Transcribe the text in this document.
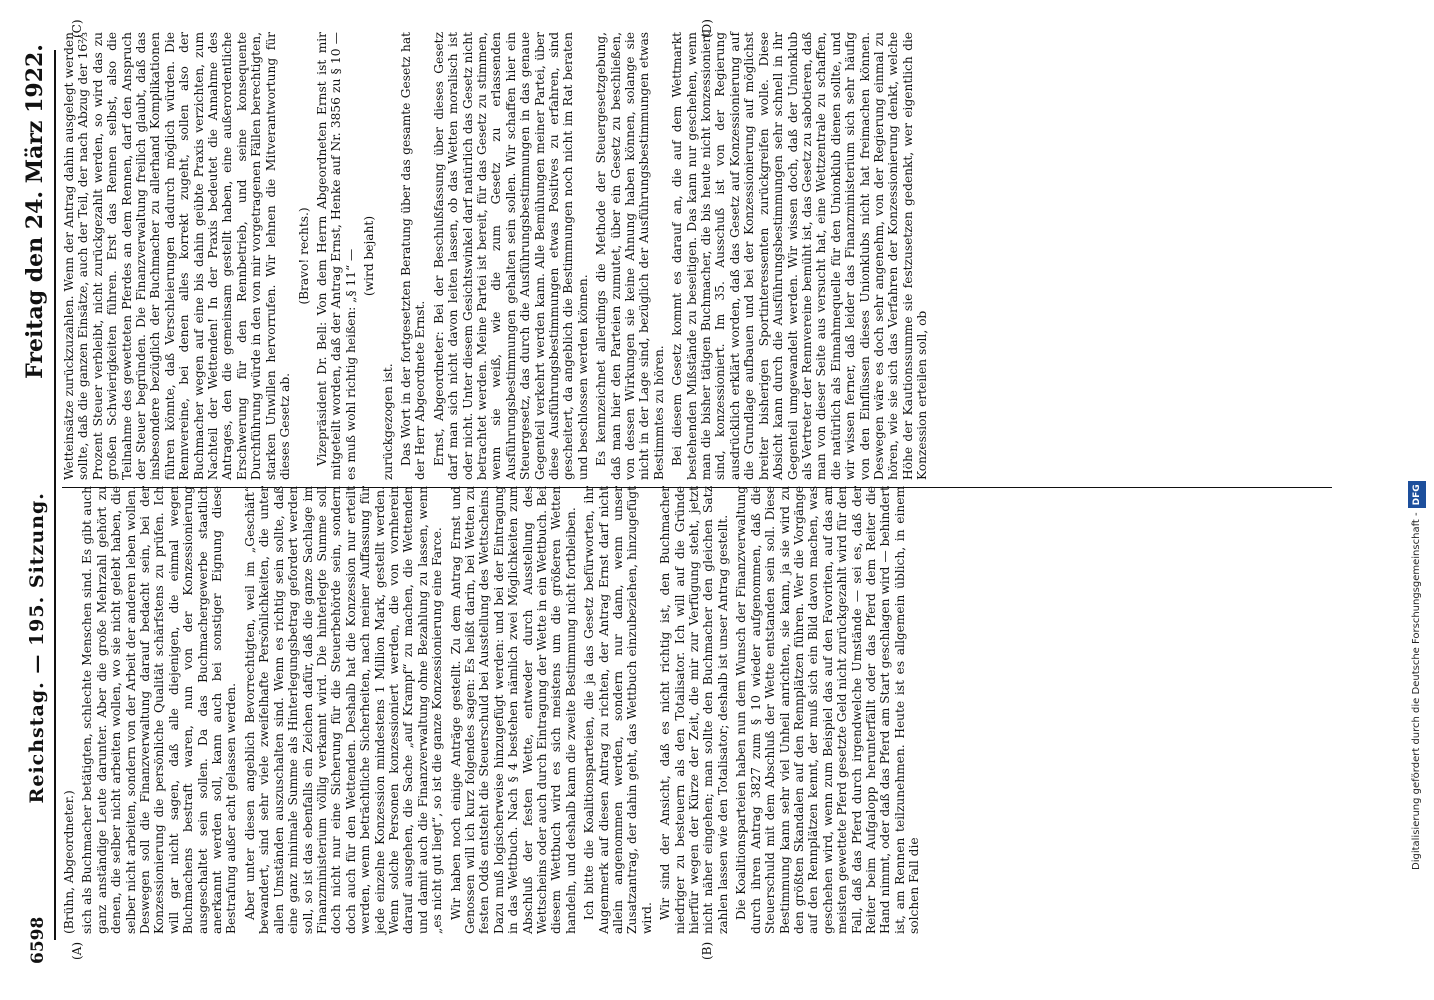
6598
Reichstag. — 195. Sitzung.
Freitag den 24. März 1922.
(A)	(B)
(C)	(D)

(Brühn, Abgeordneter.) sich als Buchmacher betätigten, schlechte Menschen sind. Es gibt auch ganz anständige Leute darunter. Aber die große Mehrzahl gehört zu denen, die selber nicht arbeiten wollen, wo sie nicht gelebt haben, die selber nicht arbeiten, sondern von der Arbeit der anderen leben wollen. Deswegen soll die Finanzverwaltung darauf bedacht sein, bei der Konzessionierung die persönliche Qualität schärfstens zu prüfen. Ich will gar nicht sagen, daß alle diejenigen, die einmal wegen Buchmachens bestraft waren, nun von der Konzessionierung ausgeschaltet sein sollen. Da das Buchmachergewerbe staatlich anerkannt werden soll, kann auch bei sonstiger Eignung diese Bestrafung außer acht gelassen werden. Aber unter diesen angeblich Bevorrechtigten, weil im „Geschäft“ bewandert, sind sehr viele zweifelhafte Persönlichkeiten, die unter allen Umständen auszuschalten sind. Wenn es richtig sein sollte, daß eine ganz minimale Summe als Hinterlegungsbetrag gefordert werden soll, so ist das ebenfalls ein Zeichen dafür, daß die ganze Sachlage im Finanzministerium völlig verkannt wird. Die hinterlegte Summe soll doch nicht nur eine Sicherung für die Steuerbehörde sein, sondern doch auch für den Wettenden. Deshalb hat die Konzession nur erteilt werden, wenn beträchtliche Sicherheiten, nach meiner Auffassung für jede einzelne Konzession mindestens 1 Million Mark, gestellt werden. Wenn solche Personen konzessioniert werden, die von vornherein darauf ausgehen, die Sache „auf Krampf“ zu machen, die Wettenden und damit auch die Finanzverwaltung ohne Bezahlung zu lassen, wenn „es nicht gut liegt“, so ist die ganze Konzessionierung eine Farce. Wir haben noch einige Anträge gestellt. Zu dem Antrag Ernst und Genossen will ich kurz folgendes sagen: Es heißt darin, bei Wetten zu festen Odds entsteht die Steuerschuld bei Ausstellung des Wettscheins. Dazu muß logischerweise hinzugefügt werden: und bei der Eintragung in das Wettbuch. Nach § 4 bestehen nämlich zwei Möglichkeiten zum Abschluß der festen Wette, entweder durch Ausstellung des Wettscheins oder auch durch Eintragung der Wette in ein Wettbuch. Bei diesem Wettbuch wird es sich meistens um die größeren Wetten handeln, und deshalb kann die zweite Bestimmung nicht fortbleiben. Ich bitte die Koalitionsparteien, die ja das Gesetz befürworten, ihr Augenmerk auf diesen Antrag zu richten, der Antrag Ernst darf nicht allein angenommen werden, sondern nur dann, wenn unser Zusatzantrag, der dahin geht, das Wettbuch einzubeziehen, hinzugefügt wird. Wir sind der Ansicht, daß es nicht richtig ist, den Buchmacher niedriger zu besteuern als den Totalisator. Ich will auf die Gründe hierfür wegen der Kürze der Zeit, die mir zur Verfügung steht, jetzt nicht näher eingehen; man sollte den Buchmacher den gleichen Satz zahlen lassen wie den Totalisator; deshalb ist unser Antrag gestellt. Die Koalitionsparteien haben nun dem Wunsch der Finanzverwaltung durch ihren Antrag 3827 zum § 10 wieder aufgenommen, daß die Steuerschuld mit dem Abschluß der Wette entstanden sein soll. Diese Bestimmung kann sehr viel Unheil anrichten, sie kann, ja sie wird zu den größten Skandalen auf den Rennplätzen führen. Wer die Vorgänge auf den Rennplätzen kennt, der muß sich ein Bild davon machen, was geschehen wird, wenn zum Beispiel das auf den Favoriten, auf das am meisten gewettete Pferd gesetzte Geld nicht zurückgezahlt wird für den Fall, daß das Pferd durch irgendwelche Umstände — sei es, daß der Reiter beim Aufgalopp herunterfällt oder das Pferd dem Reiter die Hand nimmt, oder daß das Pferd am Start geschlagen wird — behindert ist, am Rennen teilzunehmen. Heute ist es allgemein üblich, in einem solchen Fall die

Wetteinsätze zurückzuzahlen. Wenn der Antrag dahin ausgelegt werden sollte, daß die ganzen Einsätze, auch der Teil, der nach Abzug der 16⅔ Prozent Steuer verbleibt, nicht zurückgezahlt werden, so wird das zu großen Schwierigkeiten führen. Erst das Rennen selbst, also die Teilnahme des gewetteten Pferdes an dem Rennen, darf den Anspruch der Steuer begründen. Die Finanzverwaltung freilich glaubt, daß das insbesondere bezüglich der Buchmacher zu allerhand Komplikationen führen könnte, daß Verschleierungen dadurch möglich würden. Die Rennvereine, bei denen alles korrekt zugeht, sollen also der Buchmacher wegen auf eine bis dahin geübte Praxis verzichten, zum Nachteil der Wettenden! In der Praxis bedeutet die Annahme des Antrages, den die gemeinsam gestellt haben, eine außerordentliche Erschwerung für den Rennbetrieb, und seine konsequente Durchführung würde in den von mir vorgetragenen Fällen berechtigten, starken Unwillen hervorrufen. Wir lehnen die Mitverantwortung für dieses Gesetz ab.

(Bravo! rechts.) Vizepräsident Dr. Bell: Von dem Herrn Abgeordneten Ernst ist mir mitgeteilt worden, daß der Antrag Ernst, Henke auf Nr. 3856 zu § 10 — es muß wohl richtig heißen: „§ 11“ — (wird bejaht)

zurückgezogen ist. Das Wort in der fortgesetzten Beratung über das gesamte Gesetz hat der Herr Abgeordnete Ernst. Ernst, Abgeordneter: Bei der Beschlußfassung über dieses Gesetz darf man sich nicht davon leiten lassen, ob das Wetten moralisch ist oder nicht. Unter diesem Gesichtswinkel darf natürlich das Gesetz nicht betrachtet werden. Meine Partei ist bereit, für das Gesetz zu stimmen, wenn sie weiß, wie die zum Gesetz zu erlassenden Ausführungsbestimmungen gehalten sein sollen. Wir schaffen hier ein Steuergesetz, das durch die Ausführungsbestimmungen in das genaue Gegenteil verkehrt werden kann. Alle Bemühungen meiner Partei, über diese Ausführungsbestimmungen etwas Positives zu erfahren, sind gescheitert, da angeblich die Bestimmungen noch nicht im Rat beraten und beschlossen werden können. Es kennzeichnet allerdings die Methode der Steuergesetzgebung, daß man hier den Parteien zumutet, über ein Gesetz zu beschließen, von dessen Wirkungen sie keine Ahnung haben können, solange sie nicht in der Lage sind, bezüglich der Ausführungsbestimmungen etwas Bestimmtes zu hören. Bei diesem Gesetz kommt es darauf an, die auf dem Wettmarkt bestehenden Mißstände zu beseitigen. Das kann nur geschehen, wenn man die bisher tätigen Buchmacher, die bis heute nicht konzessioniert sind, konzessioniert. Im 35. Ausschuß ist von der Regierung ausdrücklich erklärt worden, daß das Gesetz auf Konzessionierung auf die Grundlage aufbauen und bei der Konzessionierung auf möglichst breiter bisherigen Sportinteressenten zurückgreifen wolle. Diese Absicht kann durch die Ausführungsbestimmungen sehr schnell in ihr Gegenteil umgewandelt werden. Wir wissen doch, daß der Unionklub als Vertreter der Rennvereine bemüht ist, das Gesetz zu sabotieren, daß man von dieser Seite aus versucht hat, eine Wettzentrale zu schaffen, die natürlich als Einnahmequelle für den Unionklub dienen sollte, und wir wissen ferner, daß leider das Finanzministerium sich sehr häufig von den Einflüssen dieses Unionklubs nicht hat freimachen können. Deswegen wäre es doch sehr angenehm, von der Regierung einmal zu hören, wie sie sich das Verfahren der Konzessionierung denkt, welche Höhe der Kautionssumme sie festzusetzen gedenkt, wer eigentlich die Konzession erteilen soll, ob

Digitalisierung gefördert durch die Deutsche Forschungsgemeinschaft -DFG
